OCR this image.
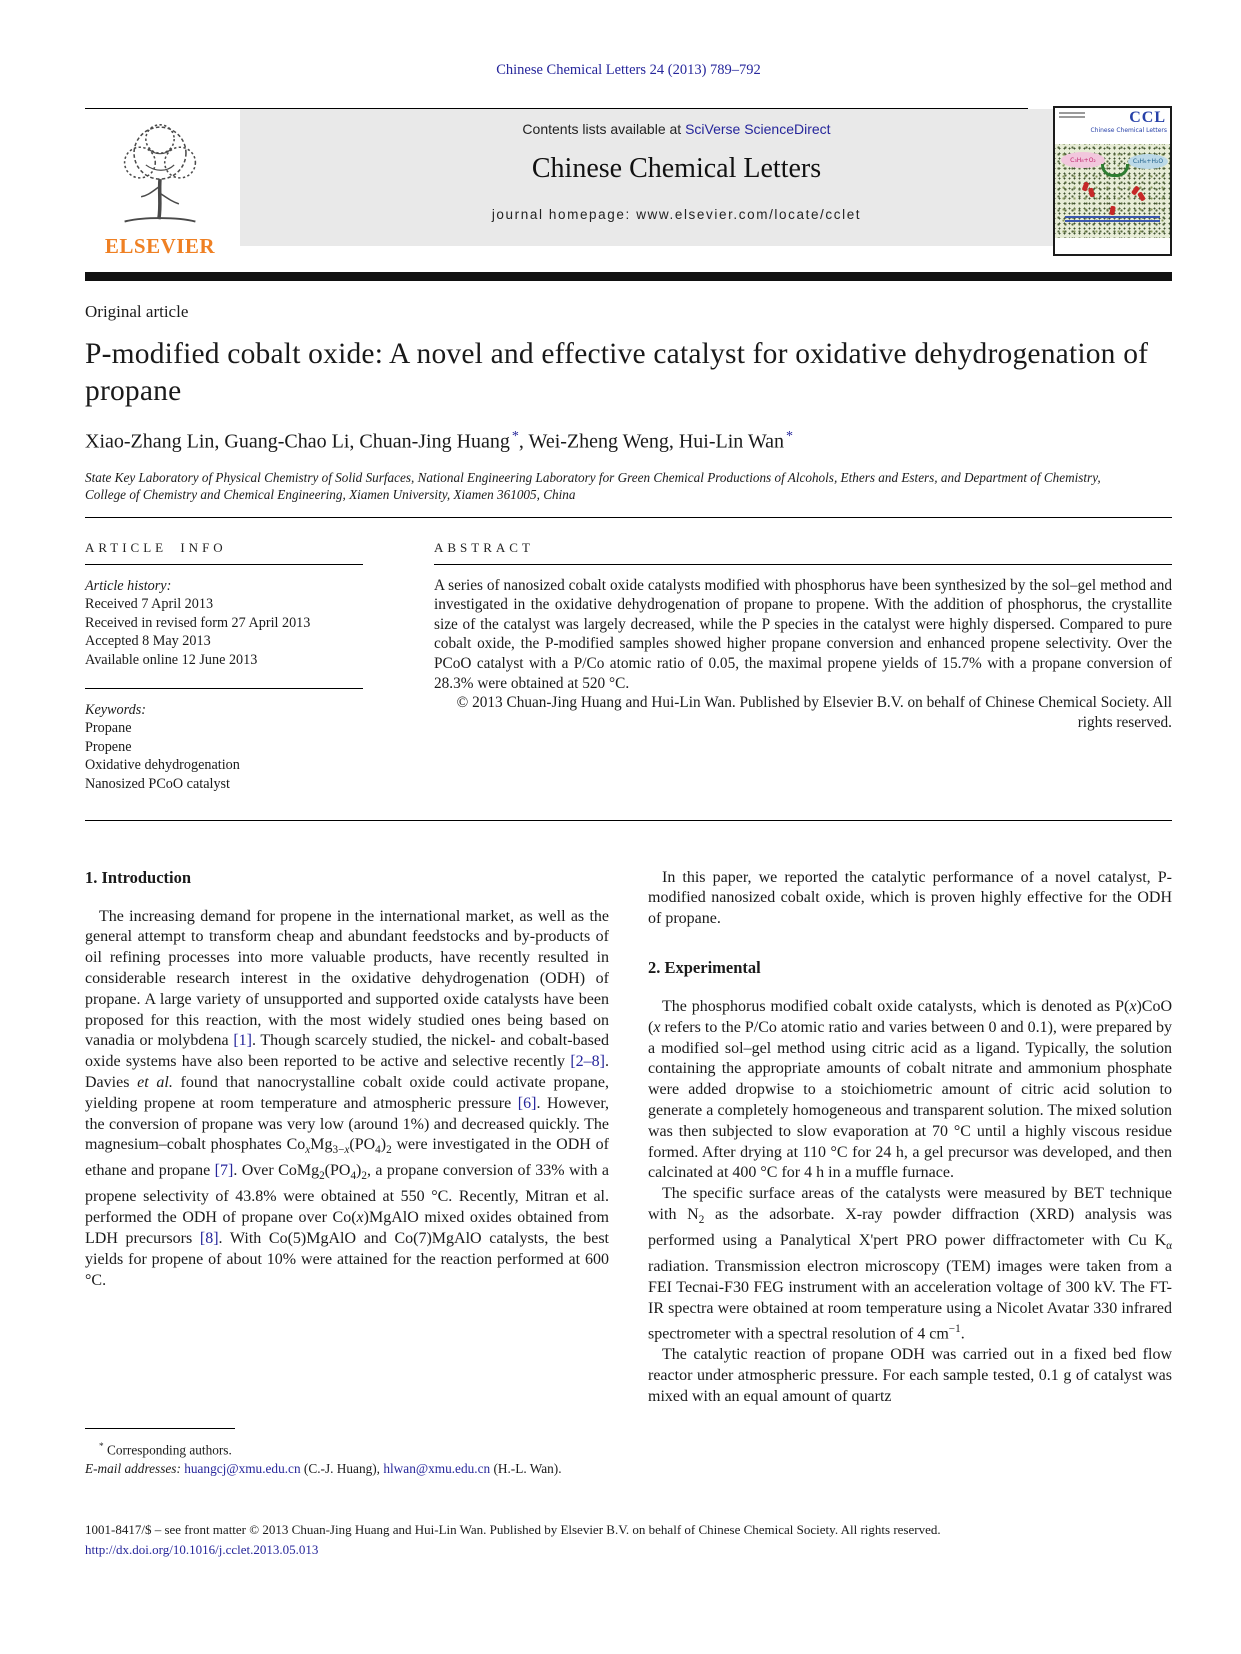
Chinese Chemical Letters 24 (2013) 789–792
ELSEVIER
Contents lists available at SciVerse ScienceDirect
Chinese Chemical Letters
journal homepage: www.elsevier.com/locate/cclet
CCL
Chinese Chemical Letters
C₃H₈+O₂	C₃H₆+H₂O
Original article
P-modified cobalt oxide: A novel and effective catalyst for oxidative dehydrogenation of propane
Xiao-Zhang Lin, Guang-Chao Li, Chuan-Jing Huang *, Wei-Zheng Weng, Hui-Lin Wan *
State Key Laboratory of Physical Chemistry of Solid Surfaces, National Engineering Laboratory for Green Chemical Productions of Alcohols, Ethers and Esters, and Department of Chemistry, College of Chemistry and Chemical Engineering, Xiamen University, Xiamen 361005, China
ARTICLE INFO
Article history:
Received 7 April 2013
Received in revised form 27 April 2013
Accepted 8 May 2013
Available online 12 June 2013
Keywords:
Propane
Propene
Oxidative dehydrogenation
Nanosized PCoO catalyst
ABSTRACT

A series of nanosized cobalt oxide catalysts modified with phosphorus have been synthesized by the sol–gel method and investigated in the oxidative dehydrogenation of propane to propene. With the addition of phosphorus, the crystallite size of the catalyst was largely decreased, while the P species in the catalyst were highly dispersed. Compared to pure cobalt oxide, the P-modified samples showed higher propane conversion and enhanced propene selectivity. Over the PCoO catalyst with a P/Co atomic ratio of 0.05, the maximal propene yields of 15.7% with a propane conversion of 28.3% were obtained at 520 °C.

© 2013 Chuan-Jing Huang and Hui-Lin Wan. Published by Elsevier B.V. on behalf of Chinese Chemical Society. All rights reserved.

1. Introduction

The increasing demand for propene in the international market, as well as the general attempt to transform cheap and abundant feedstocks and by-products of oil refining processes into more valuable products, have recently resulted in considerable research interest in the oxidative dehydrogenation (ODH) of propane. A large variety of unsupported and supported oxide catalysts have been proposed for this reaction, with the most widely studied ones being based on vanadia or molybdena [1]. Though scarcely studied, the nickel- and cobalt-based oxide systems have also been reported to be active and selective recently [2–8]. Davies et al. found that nanocrystalline cobalt oxide could activate propane, yielding propene at room temperature and atmospheric pressure [6]. However, the conversion of propane was very low (around 1%) and decreased quickly. The magnesium–cobalt phosphates $Co_xMg_{3-x}(PO_4)_2$ were investigated in the ODH of ethane and propane [7]. Over $CoMg_2(PO_4)_2$, a propane conversion of 33% with a propene selectivity of 43.8% were obtained at 550 °C. Recently, Mitran et al. performed the ODH of propane over Co(x)MgAlO mixed oxides obtained from LDH precursors [8]. With Co(5)MgAlO and Co(7)MgAlO catalysts, the best yields for propene of about 10% were attained for the reaction performed at 600 °C.

In this paper, we reported the catalytic performance of a novel catalyst, P-modified nanosized cobalt oxide, which is proven highly effective for the ODH of propane.

2. Experimental

The phosphorus modified cobalt oxide catalysts, which is denoted as P(x)CoO (x refers to the P/Co atomic ratio and varies between 0 and 0.1), were prepared by a modified sol–gel method using citric acid as a ligand. Typically, the solution containing the appropriate amounts of cobalt nitrate and ammonium phosphate were added dropwise to a stoichiometric amount of citric acid solution to generate a completely homogeneous and transparent solution. The mixed solution was then subjected to slow evaporation at 70 °C until a highly viscous residue formed. After drying at 110 °C for 24 h, a gel precursor was developed, and then calcinated at 400 °C for 4 h in a muffle furnace.

The specific surface areas of the catalysts were measured by BET technique with $N_2$ as the adsorbate. X-ray powder diffraction (XRD) analysis was performed using a Panalytical X'pert PRO power diffractometer with Cu $K_\alpha$ radiation. Transmission electron microscopy (TEM) images were taken from a FEI Tecnai-F30 FEG instrument with an acceleration voltage of 300 kV. The FT-IR spectra were obtained at room temperature using a Nicolet Avatar 330 infrared spectrometer with a spectral resolution of 4 $cm^{-1}$.

The catalytic reaction of propane ODH was carried out in a fixed bed flow reactor under atmospheric pressure. For each sample tested, 0.1 g of catalyst was mixed with an equal amount of quartz

* Corresponding authors.
E-mail addresses: huangcj@xmu.edu.cn (C.-J. Huang), hlwan@xmu.edu.cn (H.-L. Wan).
1001-8417/$ – see front matter © 2013 Chuan-Jing Huang and Hui-Lin Wan. Published by Elsevier B.V. on behalf of Chinese Chemical Society. All rights reserved.
http://dx.doi.org/10.1016/j.cclet.2013.05.013
